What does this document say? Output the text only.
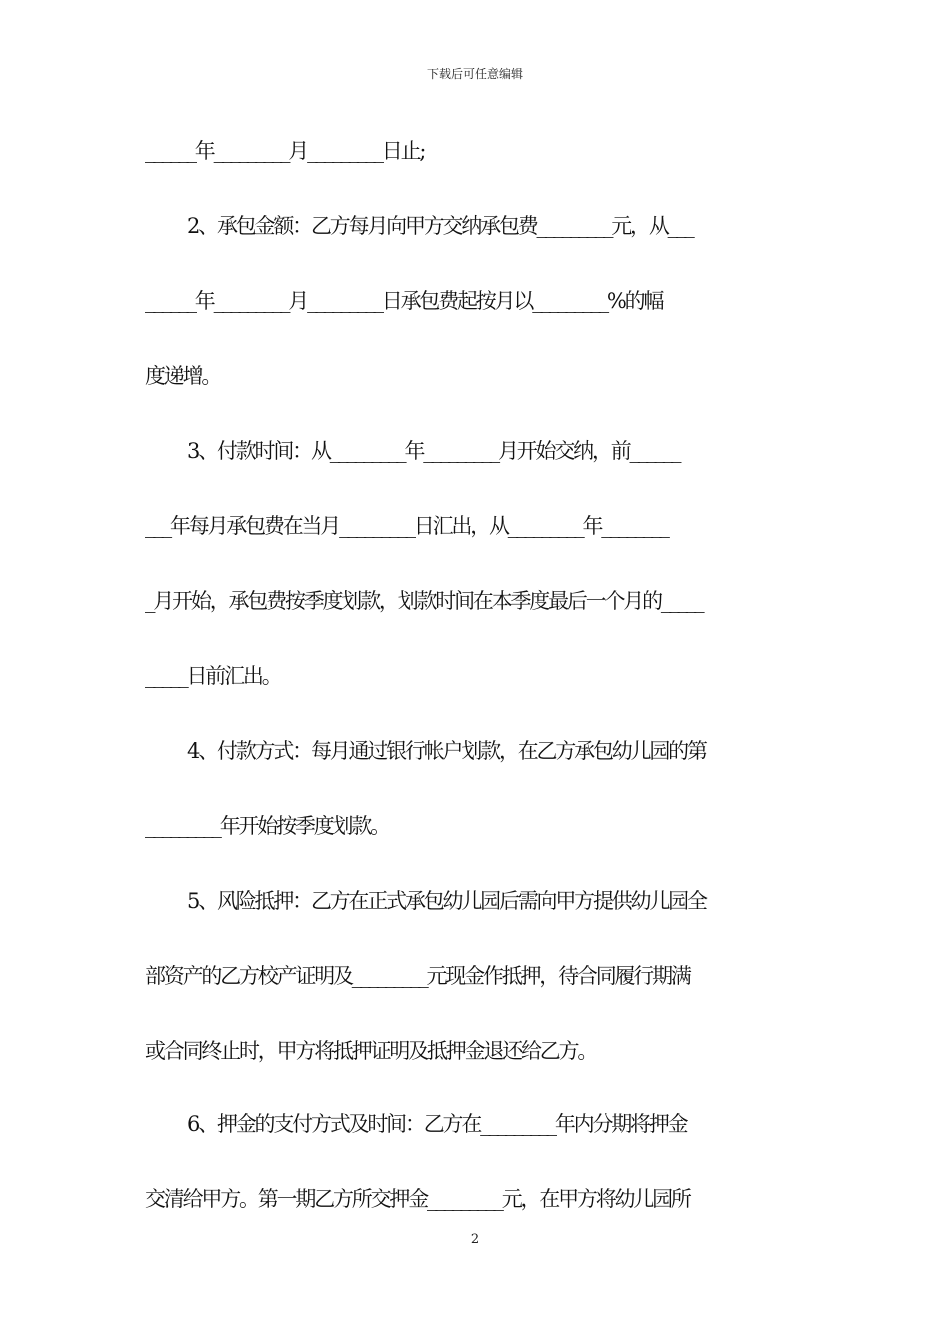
下载后可任意编辑
______年_________月_________日止;
2、承包金额：乙方每月向甲方交纳承包费_________元，从___
______年_________月_________日承包费起按月以_________%的幅
度递增。
3、付款时间：从_________年_________月开始交纳，前______
___年每月承包费在当月_________日汇出，从_________年________
_月开始，承包费按季度划款，划款时间在本季度最后一个月的_____
_____日前汇出。
4、付款方式：每月通过银行帐户划款，在乙方承包幼儿园的第
_________年开始按季度划款。
5、风险抵押：乙方在正式承包幼儿园后需向甲方提供幼儿园全
部资产的乙方校产证明及_________元现金作抵押，待合同履行期满
或合同终止时，甲方将抵押证明及抵押金退还给乙方。
6、押金的支付方式及时间：乙方在_________年内分期将押金
交清给甲方。第一期乙方所交押金_________元，在甲方将幼儿园所
2
